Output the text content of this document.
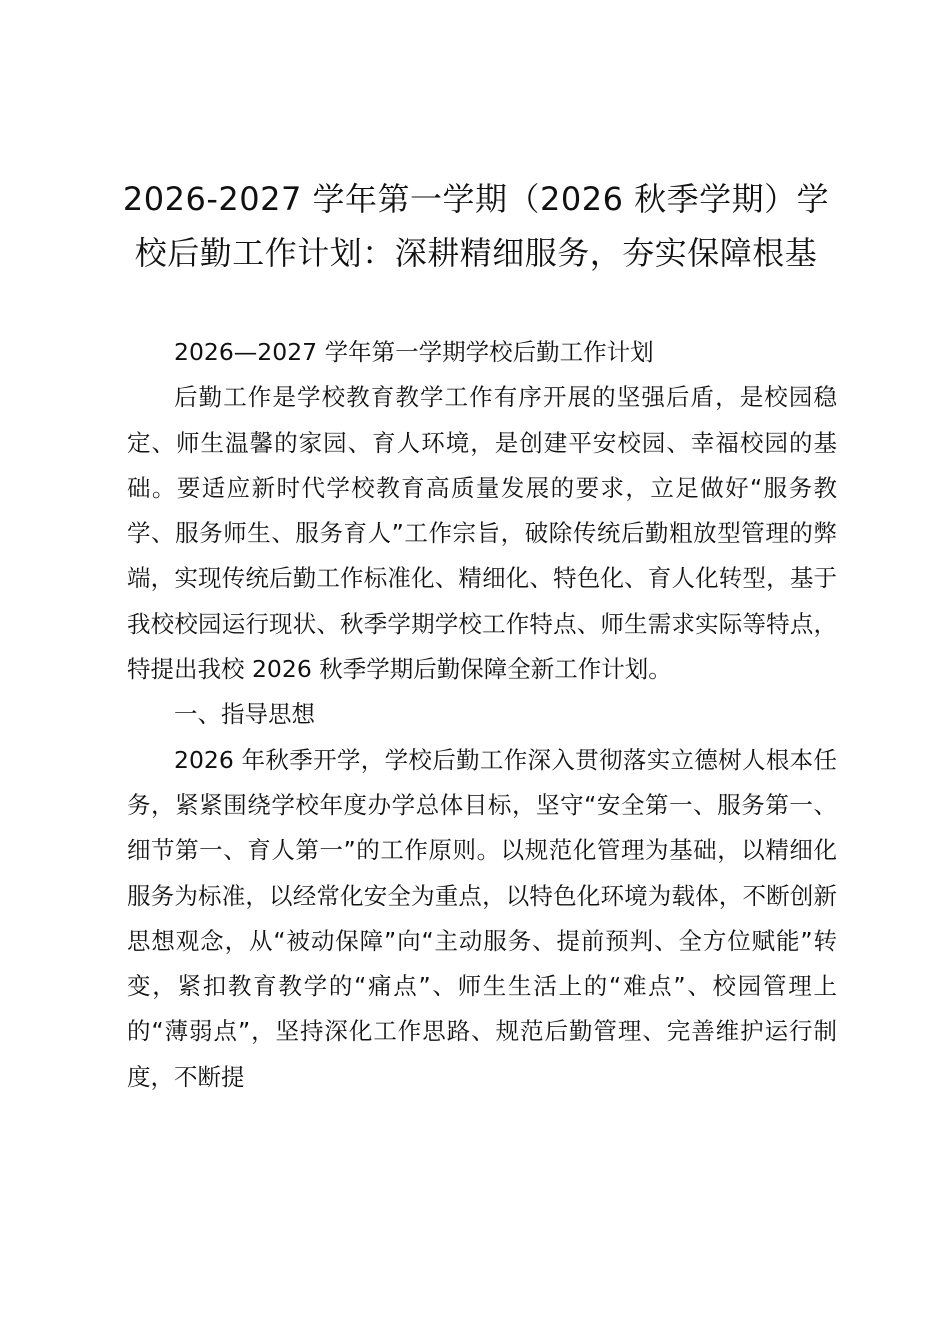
2026-2027 学年第一学期（2026 秋季学期）学校后勤工作计划：深耕精细服务，夯实保障根基

2026—2027 学年第一学期学校后勤工作计划

后勤工作是学校教育教学工作有序开展的坚强后盾，是校园稳定、师生温馨的家园、育人环境，是创建平安校园、幸福校园的基础。要适应新时代学校教育高质量发展的要求，立足做好“服务教学、服务师生、服务育人”工作宗旨，破除传统后勤粗放型管理的弊端，实现传统后勤工作标准化、精细化、特色化、育人化转型，基于我校校园运行现状、秋季学期学校工作特点、师生需求实际等特点，特提出我校 2026 秋季学期后勤保障全新工作计划。

一、指导思想

2026 年秋季开学，学校后勤工作深入贯彻落实立德树人根本任务，紧紧围绕学校年度办学总体目标，坚守“安全第一、服务第一、细节第一、育人第一”的工作原则。以规范化管理为基础，以精细化服务为标准，以经常化安全为重点，以特色化环境为载体，不断创新思想观念，从“被动保障”向“主动服务、提前预判、全方位赋能”转变，紧扣教育教学的“痛点”、师生生活上的“难点”、校园管理上的“薄弱点”，坚持深化工作思路、规范后勤管理、完善维护运行制度，不断提
